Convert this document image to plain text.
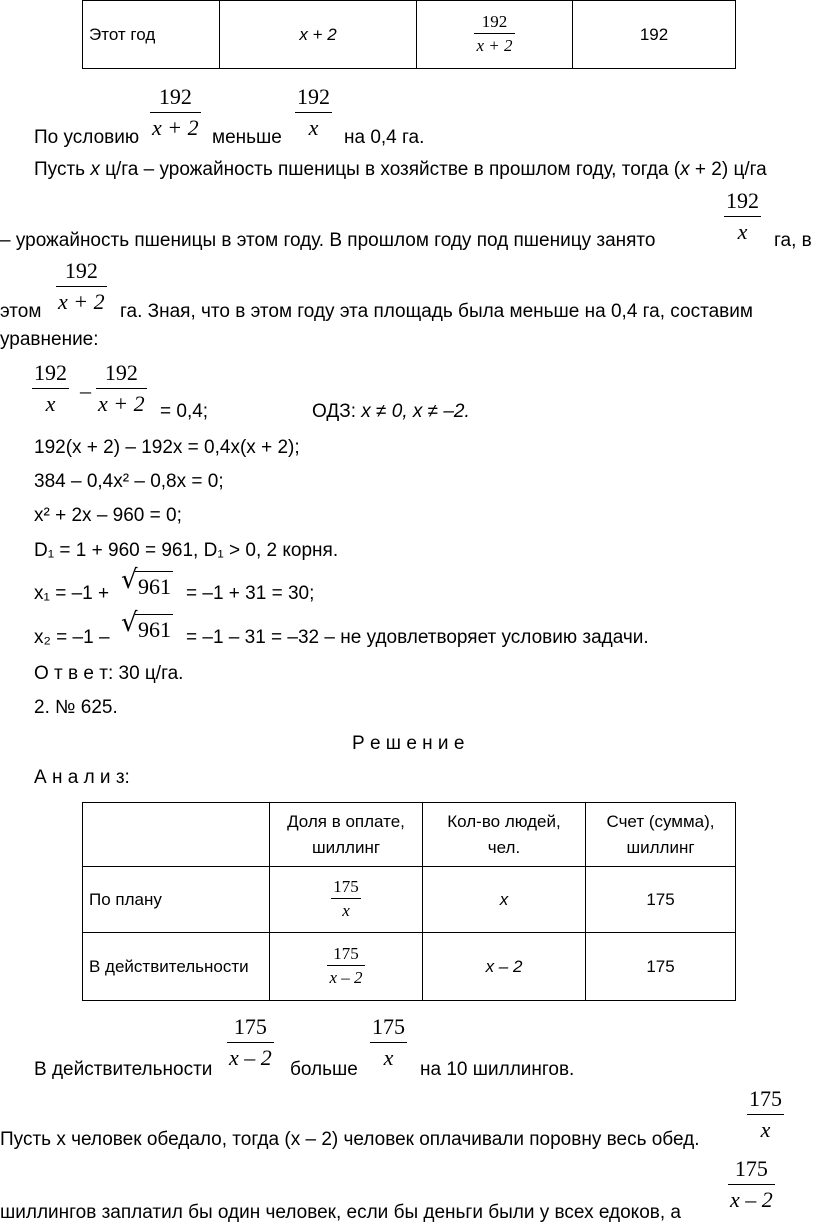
Этот год	x + 2	$\frac{192}{x + 2}$	192
$\frac{192}{x + 2}$	$\frac{192}{x}$
По условию	меньше	на 0,4 га.
Пусть x ц/га – урожайность пшеницы в хозяйстве в прошлом году, тогда (x + 2) ц/га
$\frac{192}{x}$
– урожайность пшеницы в этом году. В прошлом году под пшеницу занято	га, в
$\frac{192}{x + 2}$
этом	га. Зная, что в этом году эта площадь была меньше на 0,4 га, составим
уравнение:
$\frac{192}{x} - \frac{192}{x + 2} = 0,4$;	ОДЗ: x ≠ 0, x ≠ –2.
192(x + 2) – 192x = 0,4x(x + 2);
384 – 0,4x² – 0,8x = 0;
x² + 2x – 960 = 0;
D₁ = 1 + 960 = 961, D₁ > 0, 2 корня.
x₁ = –1 + √ 961 = –1 + 31 = 30;
x₂ = –1 – √ 961 = –1 – 31 = –32 – не удовлетворяет условию задачи.
О т в е т: 30 ц/га.
2. № 625.
Р е ш е н и е
А н а л и з:
	Доля в оплате, шиллинг	Кол-во людей, чел.	Счет (сумма), шиллинг
По плану	$\frac{175}{x}$	x	175
В действительности	$\frac{175}{x - 2}$	x – 2	175
$\frac{175}{x - 2}$	$\frac{175}{x}$
В действительности	больше	на 10 шиллингов.
$\frac{175}{x}$
Пусть x человек обедало, тогда (x – 2) человек оплачивали поровну весь обед.
$\frac{175}{x - 2}$
шиллингов заплатил бы один человек, если бы деньги были у всех едоков, а
